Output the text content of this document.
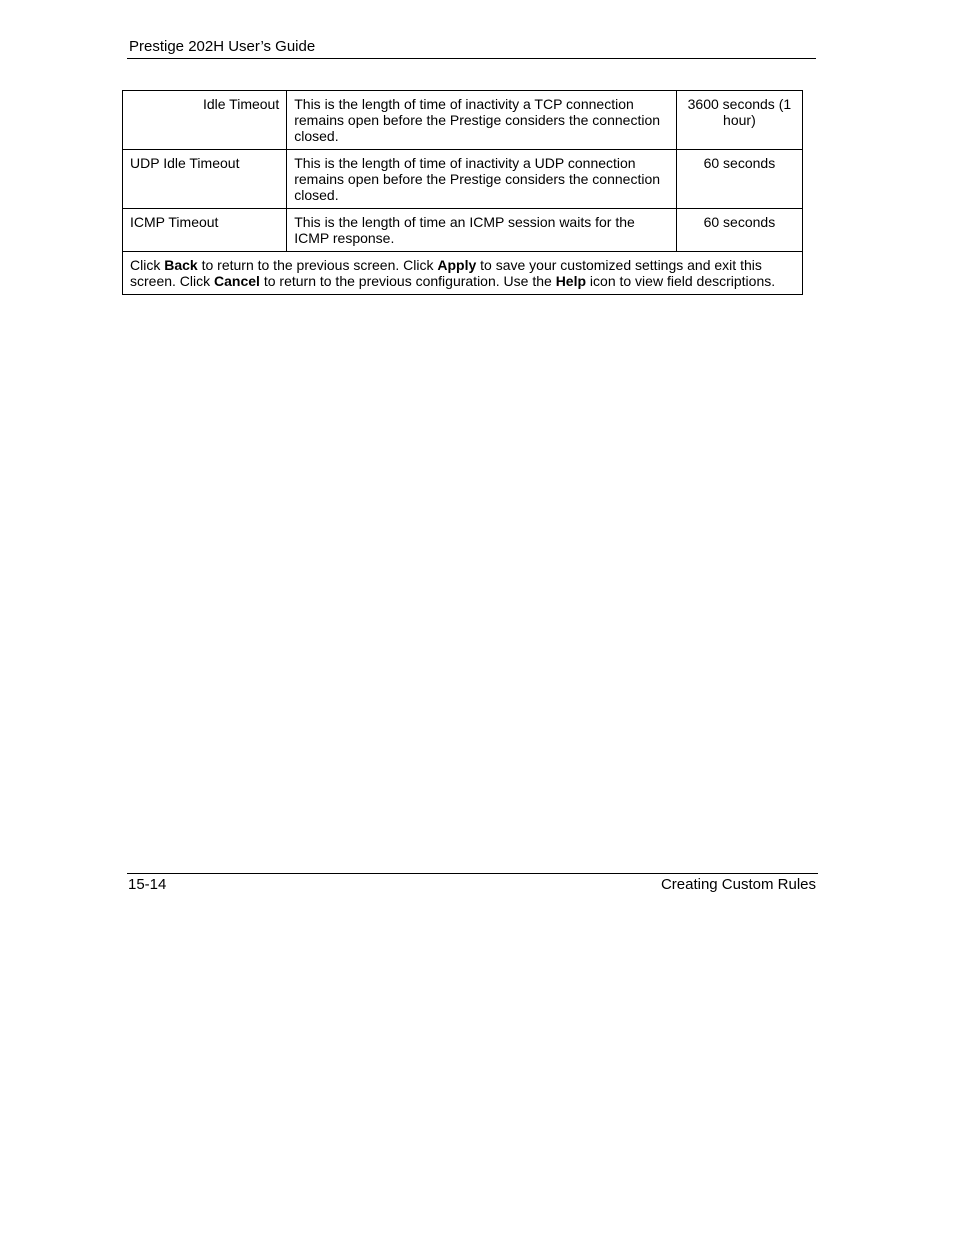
Prestige 202H User’s Guide
Idle Timeout	This is the length of time of inactivity a TCP connection remains open before the Prestige considers the connection closed.	3600 seconds (1 hour)
UDP Idle Timeout	This is the length of time of inactivity a UDP connection remains open before the Prestige considers the connection closed.	60 seconds
ICMP Timeout	This is the length of time an ICMP session waits for the ICMP response.	60 seconds
Click Back to return to the previous screen. Click Apply to save your customized settings and exit this screen. Click Cancel to return to the previous configuration. Use the Help icon to view field descriptions.		
15-14	Creating Custom Rules
